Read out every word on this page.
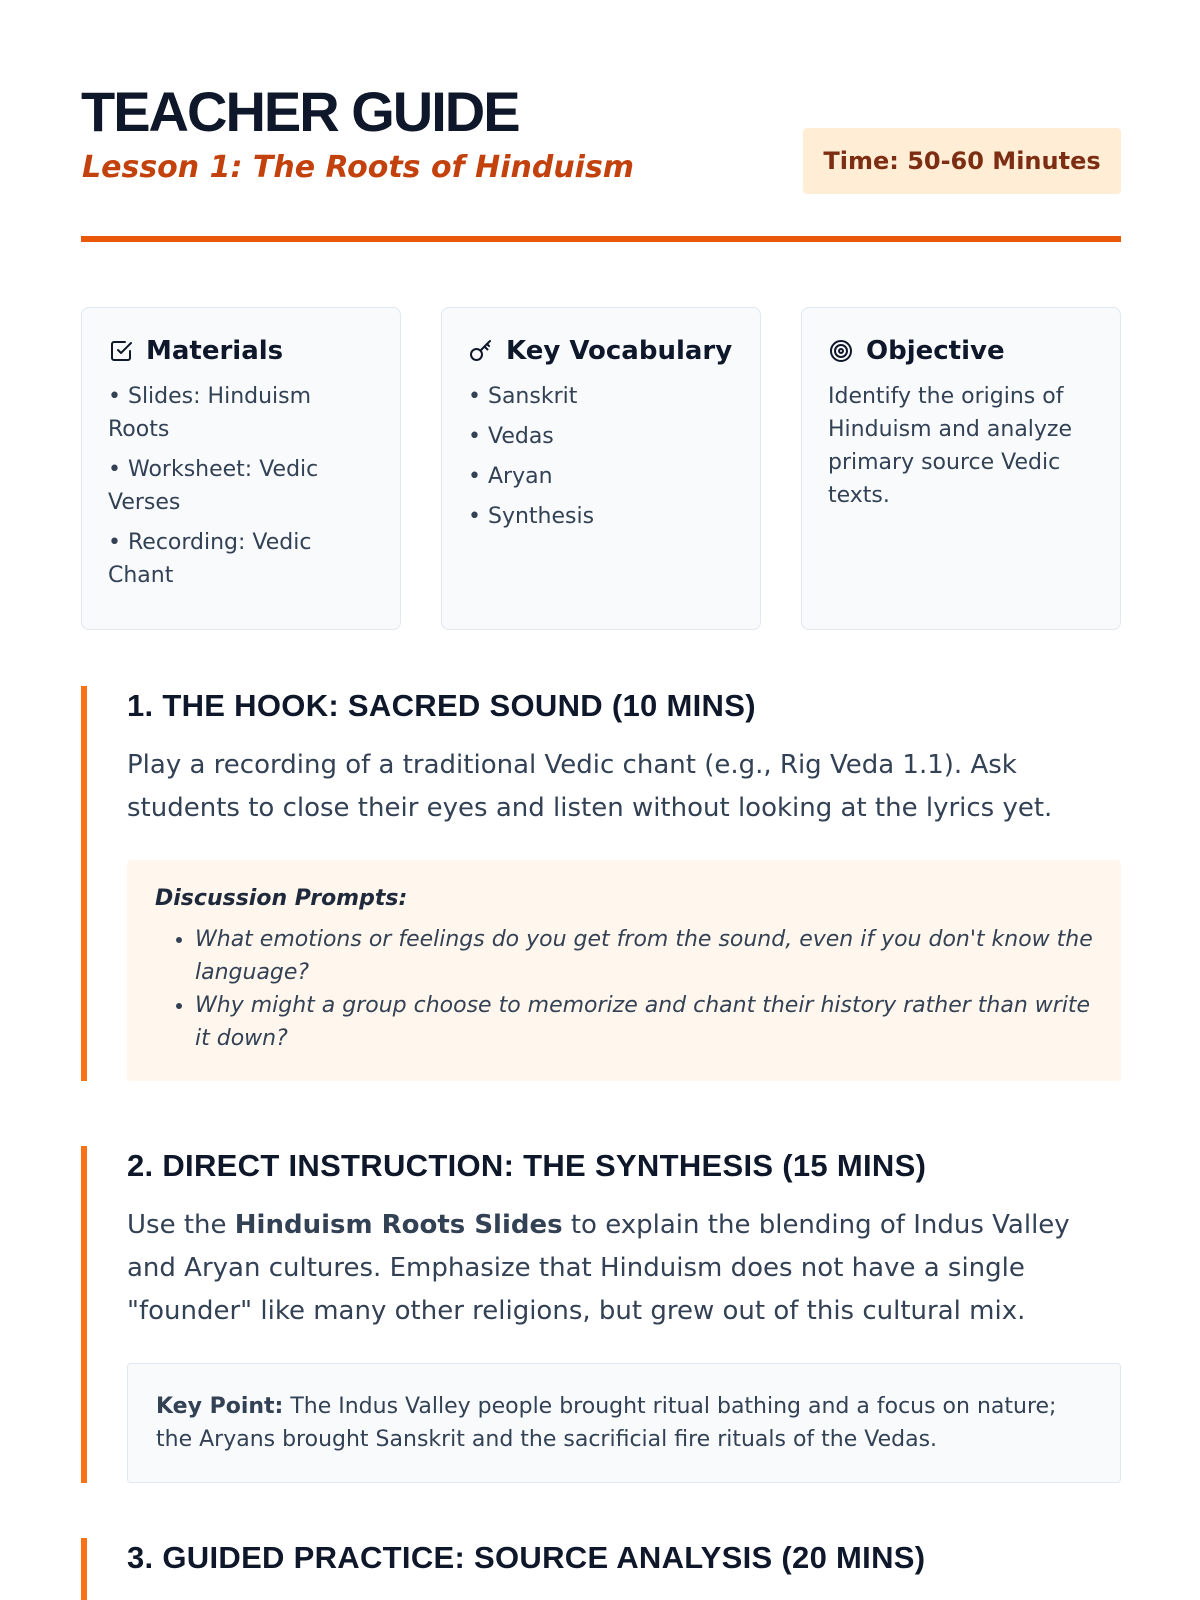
TEACHER GUIDE
Lesson 1: The Roots of Hinduism	Time: 50-60 Minutes
Materials
• Slides: Hinduism Roots
• Worksheet: Vedic Verses
• Recording: Vedic Chant
Key Vocabulary
• Sanskrit
• Vedas
• Aryan
• Synthesis
Objective

Identify the origins of Hinduism and analyze primary source Vedic texts.

1. THE HOOK: SACRED SOUND (10 MINS)

Play a recording of a traditional Vedic chant (e.g., Rig Veda 1.1). Ask students to close their eyes and listen without looking at the lyrics yet.

Discussion Prompts:

• What emotions or feelings do you get from the sound, even if you don't know the language?
• Why might a group choose to memorize and chant their history rather than write it down?
2. DIRECT INSTRUCTION: THE SYNTHESIS (15 MINS)

Use the Hinduism Roots Slides to explain the blending of Indus Valley and Aryan cultures. Emphasize that Hinduism does not have a single "founder" like many other religions, but grew out of this cultural mix.

Key Point: The Indus Valley people brought ritual bathing and a focus on nature; the Aryans brought Sanskrit and the sacrificial fire rituals of the Vedas.
3. GUIDED PRACTICE: SOURCE ANALYSIS (20 MINS)
